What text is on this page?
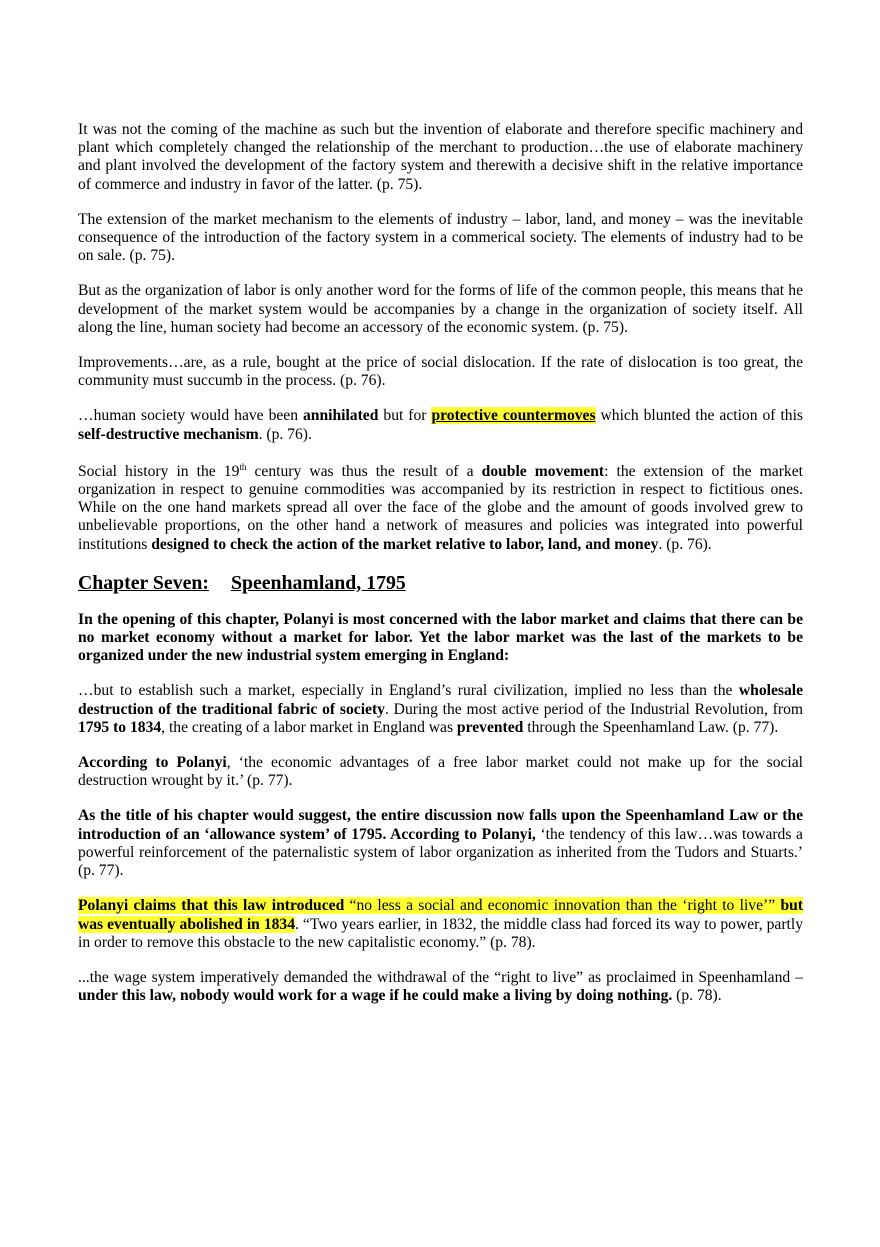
It was not the coming of the machine as such but the invention of elaborate and therefore specific machinery and plant which completely changed the relationship of the merchant to production…the use of elaborate machinery and plant involved the development of the factory system and therewith a decisive shift in the relative importance of commerce and industry in favor of the latter. (p. 75).

The extension of the market mechanism to the elements of industry – labor, land, and money – was the inevitable consequence of the introduction of the factory system in a commerical society. The elements of industry had to be on sale. (p. 75).

But as the organization of labor is only another word for the forms of life of the common people, this means that he development of the market system would be accompanies by a change in the organization of society itself. All along the line, human society had become an accessory of the economic system. (p. 75).

Improvements…are, as a rule, bought at the price of social dislocation. If the rate of dislocation is too great, the community must succumb in the process. (p. 76).

…human society would have been annihilated but for protective countermoves which blunted the action of this self-destructive mechanism. (p. 76).

Social history in the 19th century was thus the result of a double movement: the extension of the market organization in respect to genuine commodities was accompanied by its restriction in respect to fictitious ones. While on the one hand markets spread all over the face of the globe and the amount of goods involved grew to unbelievable proportions, on the other hand a network of measures and policies was integrated into powerful institutions designed to check the action of the market relative to labor, land, and money. (p. 76).

Chapter Seven: Speenhamland, 1795

In the opening of this chapter, Polanyi is most concerned with the labor market and claims that there can be no market economy without a market for labor. Yet the labor market was the last of the markets to be organized under the new industrial system emerging in England:

…but to establish such a market, especially in England’s rural civilization, implied no less than the wholesale destruction of the traditional fabric of society. During the most active period of the Industrial Revolution, from 1795 to 1834, the creating of a labor market in England was prevented through the Speenhamland Law. (p. 77).

According to Polanyi, ‘the economic advantages of a free labor market could not make up for the social destruction wrought by it.’ (p. 77).

As the title of his chapter would suggest, the entire discussion now falls upon the Speenhamland Law or the introduction of an ‘allowance system’ of 1795. According to Polanyi, ‘the tendency of this law…was towards a powerful reinforcement of the paternalistic system of labor organization as inherited from the Tudors and Stuarts.’ (p. 77).

Polanyi claims that this law introduced “no less a social and economic innovation than the ‘right to live’” but was eventually abolished in 1834. “Two years earlier, in 1832, the middle class had forced its way to power, partly in order to remove this obstacle to the new capitalistic economy.” (p. 78).

...the wage system imperatively demanded the withdrawal of the “right to live” as proclaimed in Speenhamland – under this law, nobody would work for a wage if he could make a living by doing nothing. (p. 78).
